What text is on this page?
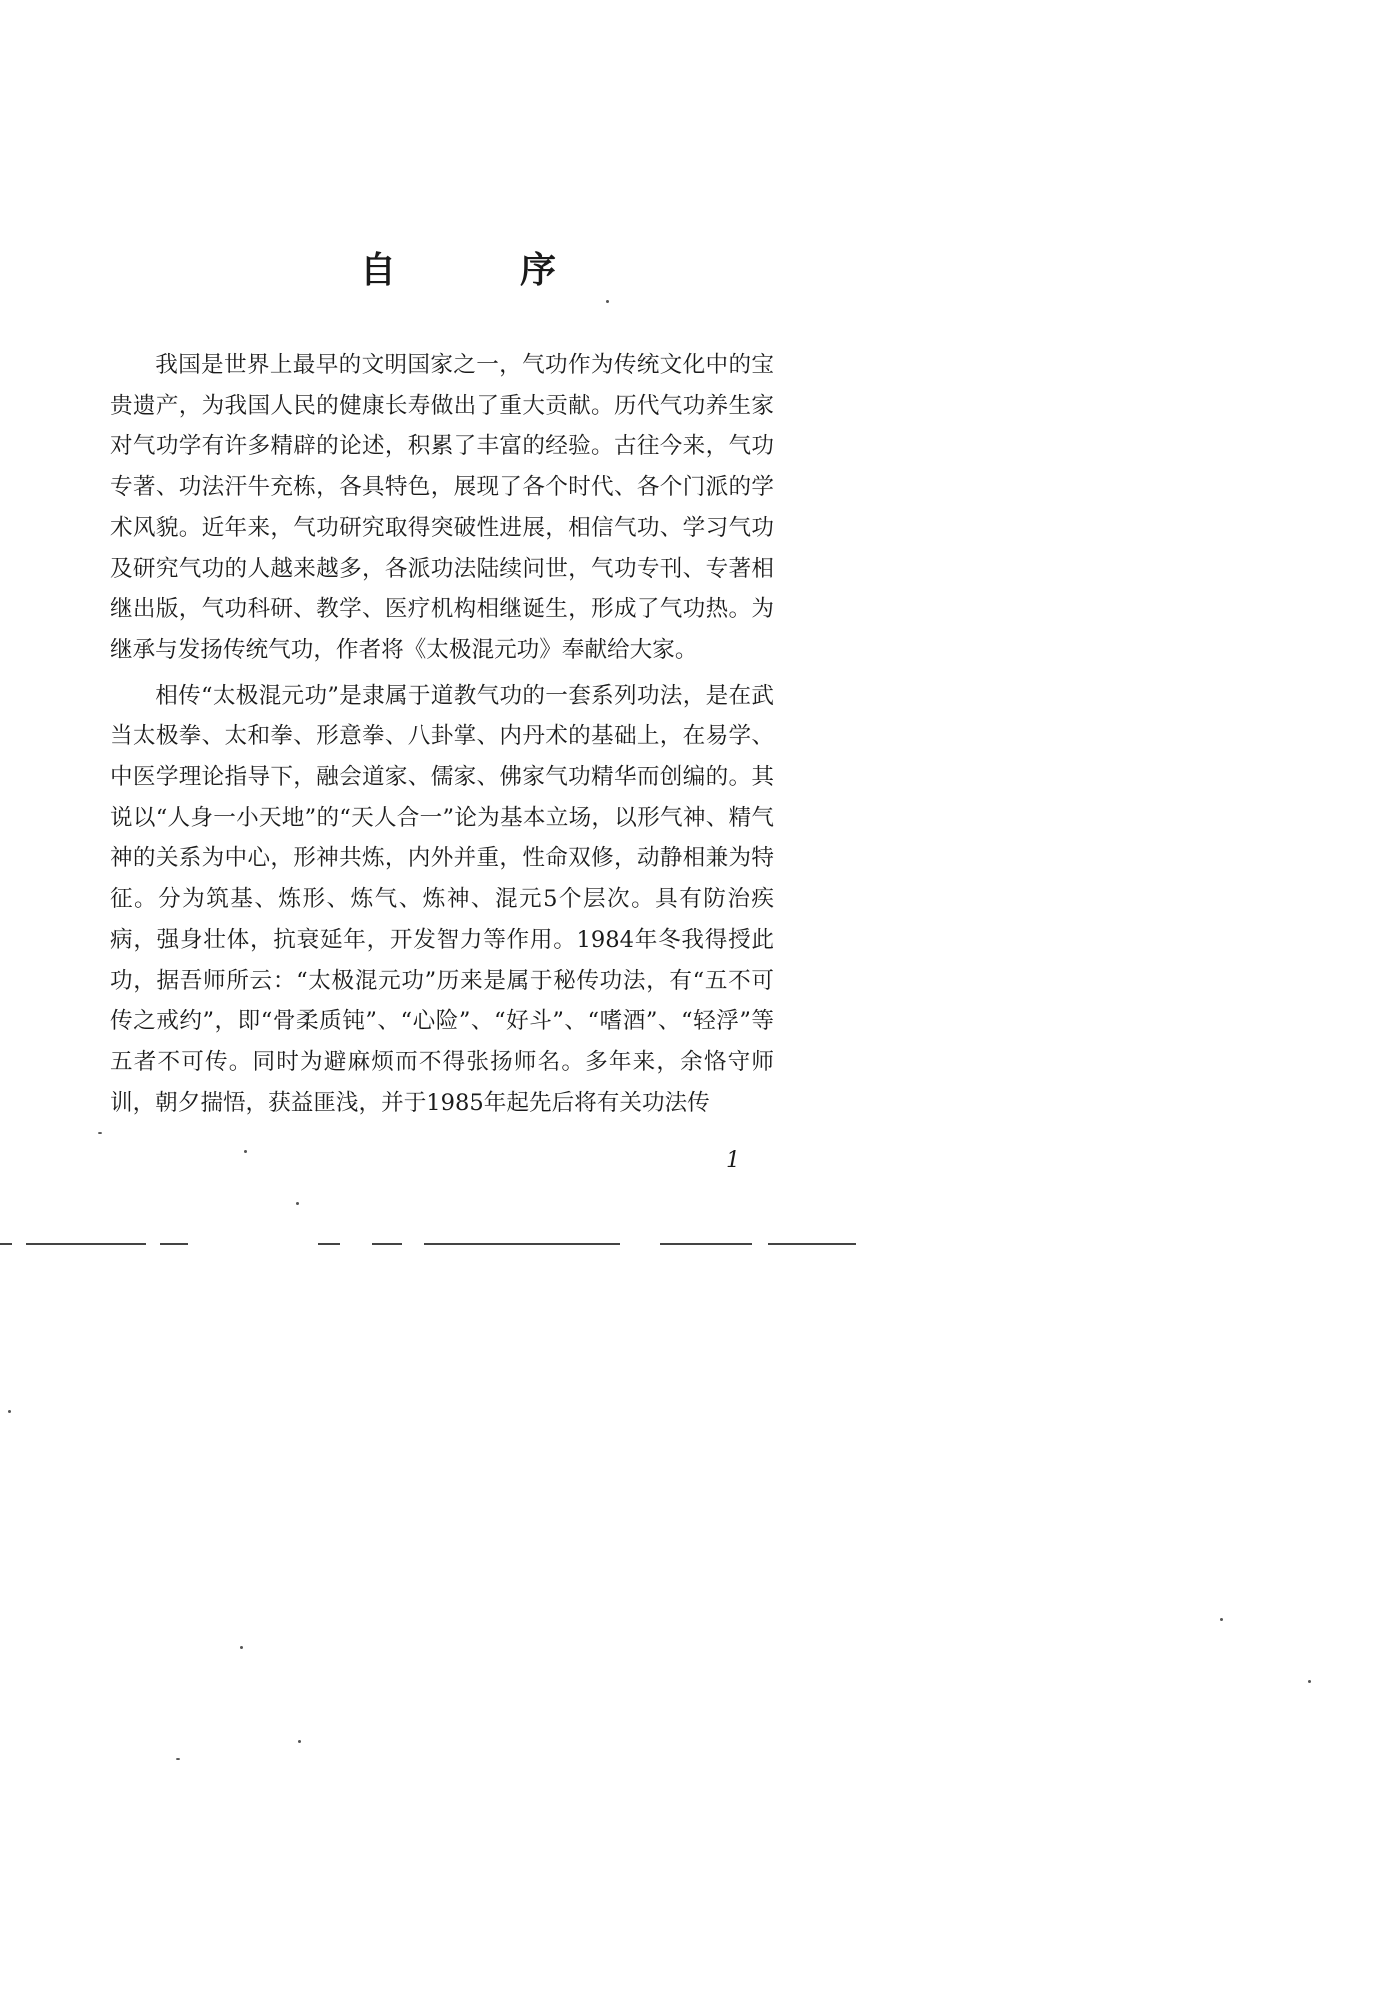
自　序

我国是世界上最早的文明国家之一，气功作为传统文化中的宝贵遗产，为我国人民的健康长寿做出了重大贡献。历代气功养生家对气功学有许多精辟的论述，积累了丰富的经验。古往今来，气功专著、功法汗牛充栋，各具特色，展现了各个时代、各个门派的学术风貌。近年来，气功研究取得突破性进展，相信气功、学习气功及研究气功的人越来越多，各派功法陆续问世，气功专刊、专著相继出版，气功科研、教学、医疗机构相继诞生，形成了气功热。为继承与发扬传统气功，作者将《太极混元功》奉献给大家。

相传“太极混元功”是隶属于道教气功的一套系列功法，是在武当太极拳、太和拳、形意拳、八卦掌、内丹术的基础上，在易学、中医学理论指导下，融会道家、儒家、佛家气功精华而创编的。其说以“人身一小天地”的“天人合一”论为基本立场，以形气神、精气神的关系为中心，形神共炼，内外并重，性命双修，动静相兼为特征。分为筑基、炼形、炼气、炼神、混元5个层次。具有防治疾病，强身壮体，抗衰延年，开发智力等作用。1984年冬我得授此功，据吾师所云：“太极混元功”历来是属于秘传功法，有“五不可传之戒约”，即“骨柔质钝”、“心险”、“好斗”、“嗜酒”、“轻浮”等五者不可传。同时为避麻烦而不得张扬师名。多年来，余恪守师训，朝夕揣悟，获益匪浅，并于1985年起先后将有关功法传

1
